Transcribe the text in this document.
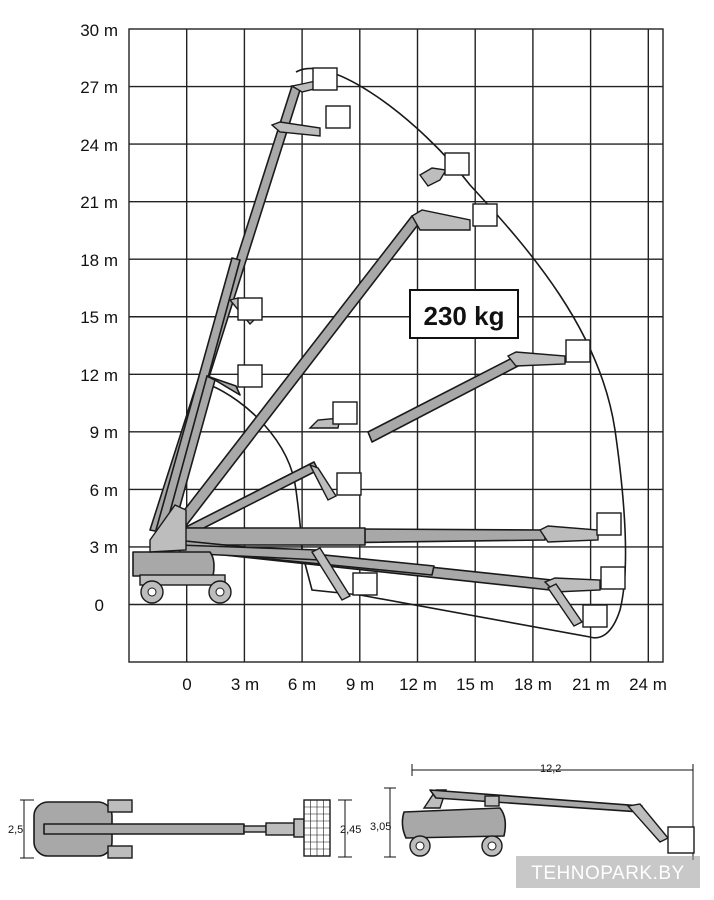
30 m
27 m
24 m
21 m
18 m
15 m
12 m
9 m
6 m
3 m
0
0 3 m 6 m 9 m 12 m 15 m 18 m 21 m 24 m
230 kg
2,5	2,45
12,2
3,05
TEHNOPARK.BY
